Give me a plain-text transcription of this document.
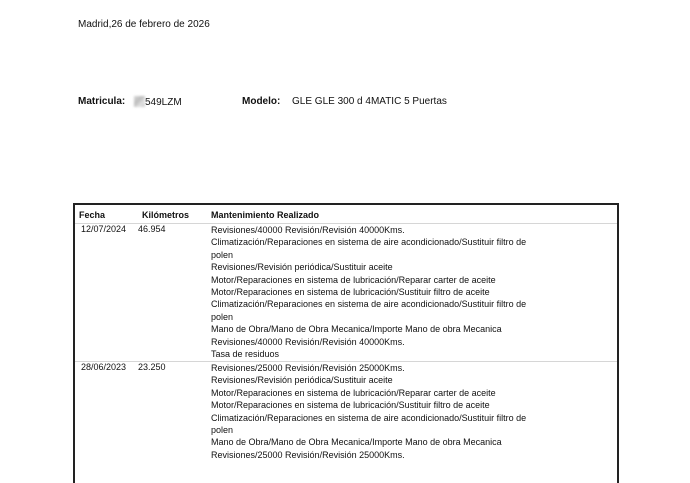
Madrid,26 de febrero de 2026
Matricula:	549LZM	Modelo: GLE GLE 300 d 4MATIC 5 Puertas
Fecha	Kilómetros Mantenimiento Realizado
12/07/2024 46.954	Revisiones/40000 Revisión/Revisión 40000Kms.
Climatización/Reparaciones en sistema de aire acondicionado/Sustituir filtro de
polen
Revisiones/Revisión periódica/Sustituir aceite
Motor/Reparaciones en sistema de lubricación/Reparar carter de aceite
Motor/Reparaciones en sistema de lubricación/Sustituir filtro de aceite
Climatización/Reparaciones en sistema de aire acondicionado/Sustituir filtro de
polen
Mano de Obra/Mano de Obra Mecanica/Importe Mano de obra Mecanica
Revisiones/40000 Revisión/Revisión 40000Kms.
Tasa de residuos
28/06/2023 23.250	Revisiones/25000 Revisión/Revisión 25000Kms.
Revisiones/Revisión periódica/Sustituir aceite
Motor/Reparaciones en sistema de lubricación/Reparar carter de aceite
Motor/Reparaciones en sistema de lubricación/Sustituir filtro de aceite
Climatización/Reparaciones en sistema de aire acondicionado/Sustituir filtro de
polen
Mano de Obra/Mano de Obra Mecanica/Importe Mano de obra Mecanica
Revisiones/25000 Revisión/Revisión 25000Kms.
